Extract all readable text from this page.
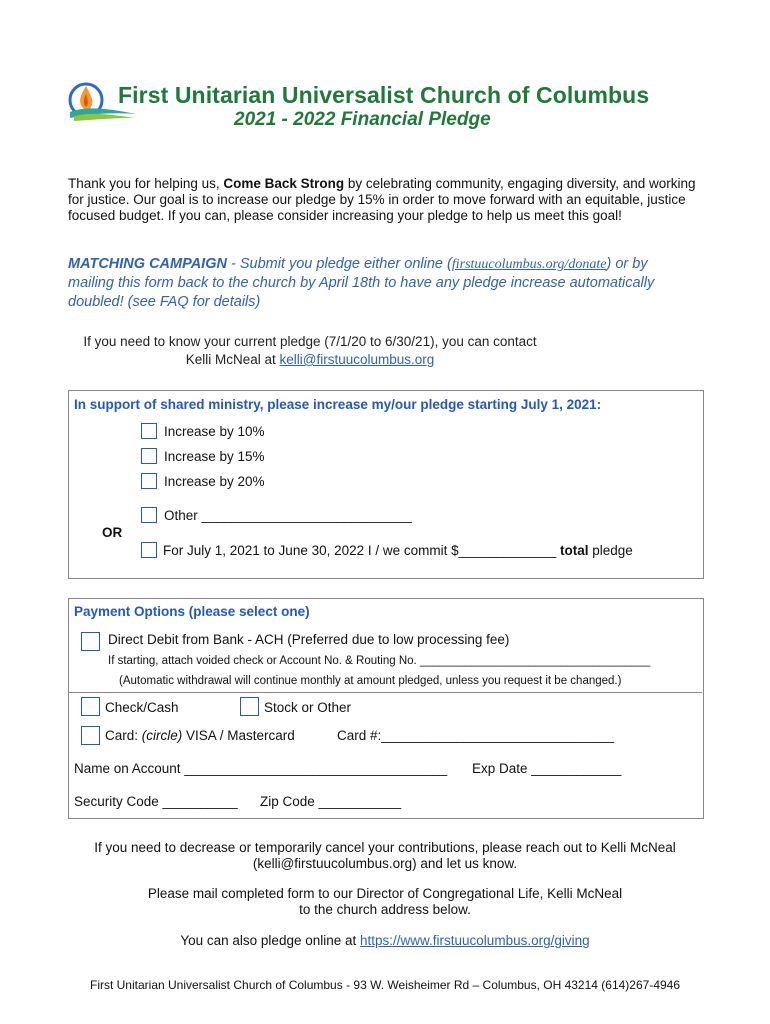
First Unitarian Universalist Church of Columbus
2021 - 2022 Financial Pledge
Thank you for helping us, Come Back Strong by celebrating community, engaging diversity, and working for justice. Our goal is to increase our pledge by 15% in order to move forward with an equitable, justice focused budget. If you can, please consider increasing your pledge to help us meet this goal!
MATCHING CAMPAIGN - Submit you pledge either online (firstuucolumbus.org/donate) or by mailing this form back to the church by April 18th to have any pledge increase automatically doubled! (see FAQ for details)
If you need to know your current pledge (7/1/20 to 6/30/21), you can contact
Kelli McNeal at kelli@firstuucolumbus.org
In support of shared ministry, please increase my/our pledge starting July 1, 2021:
Increase by 10%
Increase by 15%
Increase by 20%
Other ____________________________
OR
For July 1, 2021 to June 30, 2022 I / we commit $_____________ total pledge
Payment Options (please select one)
Direct Debit from Bank - ACH (Preferred due to low processing fee)
If starting, attach voided check or Account No. & Routing No. ____________________________________
(Automatic withdrawal will continue monthly at amount pledged, unless you request it be changed.)
Check/Cash	Stock or Other
Card: (circle) VISA / Mastercard	Card #:_______________________________
Name on Account ___________________________________ Exp Date ____________
Security Code __________ Zip Code ___________
If you need to decrease or temporarily cancel your contributions, please reach out to Kelli McNeal (kelli@firstuucolumbus.org) and let us know.
Please mail completed form to our Director of Congregational Life, Kelli McNeal
to the church address below.
You can also pledge online at https://www.firstuucolumbus.org/giving
First Unitarian Universalist Church of Columbus - 93 W. Weisheimer Rd – Columbus, OH 43214 (614)267-4946
